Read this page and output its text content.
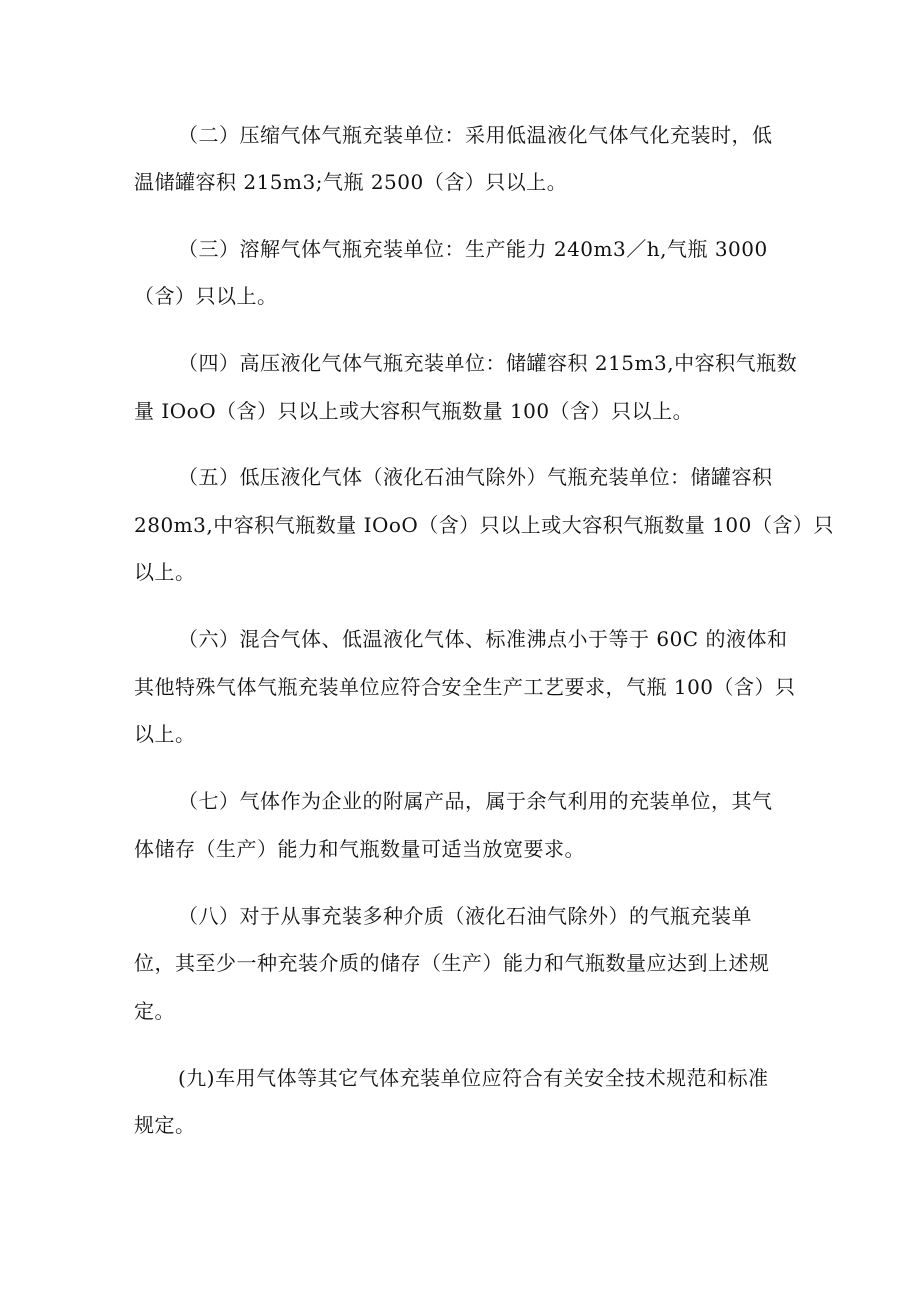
（二）压缩气体气瓶充装单位：采用低温液化气体气化充装时，低
温储罐容积 215m3;气瓶 2500（含）只以上。
（三）溶解气体气瓶充装单位：生产能力 240m3／h,气瓶 3000
（含）只以上。
（四）高压液化气体气瓶充装单位：储罐容积 215m3,中容积气瓶数
量 IOoO（含）只以上或大容积气瓶数量 100（含）只以上。
（五）低压液化气体（液化石油气除外）气瓶充装单位：储罐容积
280m3,中容积气瓶数量 IOoO（含）只以上或大容积气瓶数量 100（含）只
以上。
（六）混合气体、低温液化气体、标准沸点小于等于 60C 的液体和
其他特殊气体气瓶充装单位应符合安全生产工艺要求，气瓶 100（含）只
以上。
（七）气体作为企业的附属产品，属于余气利用的充装单位，其气
体储存（生产）能力和气瓶数量可适当放宽要求。
（八）对于从事充装多种介质（液化石油气除外）的气瓶充装单
位，其至少一种充装介质的储存（生产）能力和气瓶数量应达到上述规
定。
(九)车用气体等其它气体充装单位应符合有关安全技术规范和标准
规定。
